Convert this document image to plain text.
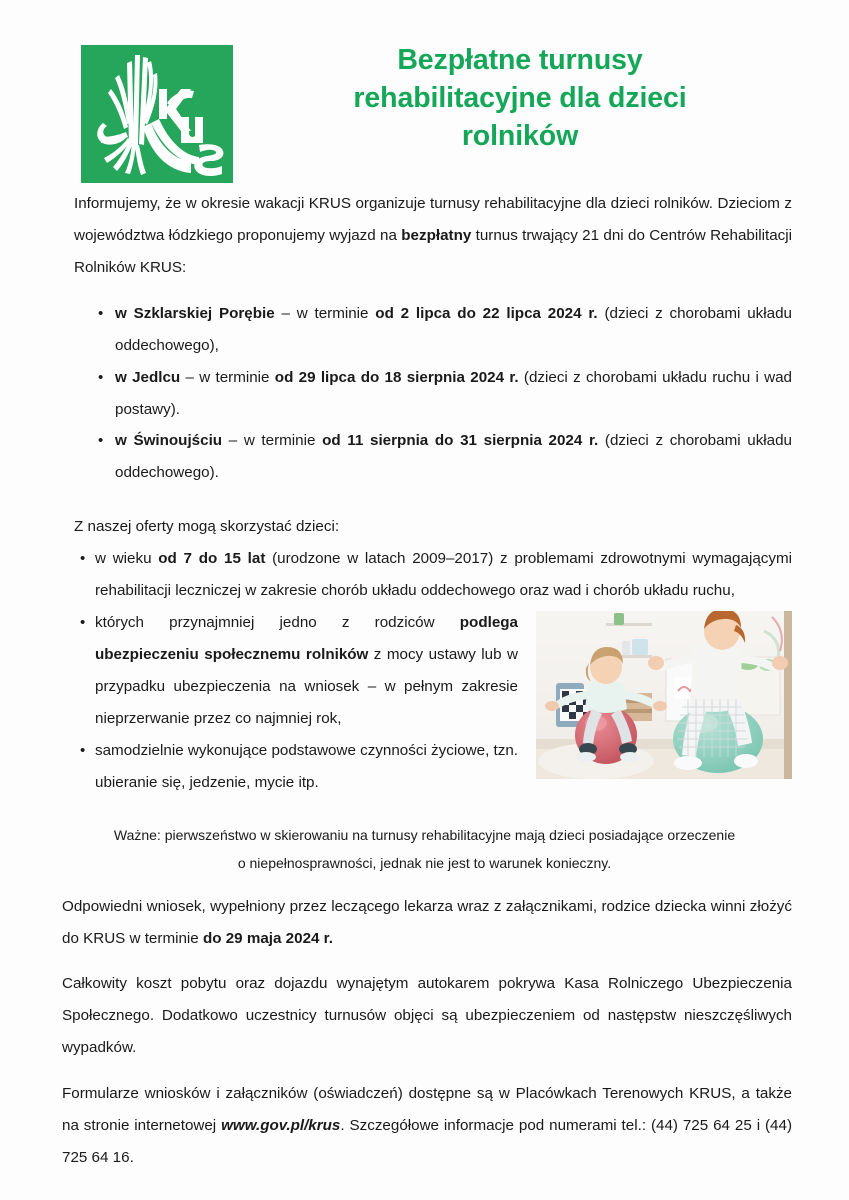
Bezpłatne turnusy
rehabilitacyjne dla dzieci
rolników

Informujemy, że w okresie wakacji KRUS organizuje turnusy rehabilitacyjne dla dzieci rolników. Dzieciom z województwa łódzkiego proponujemy wyjazd na bezpłatny turnus trwający 21 dni do Centrów Rehabilitacji Rolników KRUS:

• w Szklarskiej Porębie – w terminie od 2 lipca do 22 lipca 2024 r. (dzieci z chorobami układu oddechowego),
• w Jedlcu – w terminie od 29 lipca do 18 sierpnia 2024 r. (dzieci z chorobami układu ruchu i wad postawy).
• w Świnoujściu – w terminie od 11 sierpnia do 31 sierpnia 2024 r. (dzieci z chorobami układu oddechowego).

Z naszej oferty mogą skorzystać dzieci:

• w wieku od 7 do 15 lat (urodzone w latach 2009–2017) z problemami zdrowotnymi wymagającymi rehabilitacji leczniczej w zakresie chorób układu oddechowego oraz wad i chorób układu ruchu,
• których przynajmniej jedno z rodziców podlega ubezpieczeniu społecznemu rolników z mocy ustawy lub w przypadku ubezpieczenia na wniosek – w pełnym zakresie nieprzerwanie przez co najmniej rok,
• samodzielnie wykonujące podstawowe czynności życiowe, tzn. ubieranie się, jedzenie, mycie itp.

Ważne: pierwszeństwo w skierowaniu na turnusy rehabilitacyjne mają dzieci posiadające orzeczenie

o niepełnosprawności, jednak nie jest to warunek konieczny.

Odpowiedni wniosek, wypełniony przez leczącego lekarza wraz z załącznikami, rodzice dziecka winni złożyć do KRUS w terminie do 29 maja 2024 r.

Całkowity koszt pobytu oraz dojazdu wynajętym autokarem pokrywa Kasa Rolniczego Ubezpieczenia Społecznego. Dodatkowo uczestnicy turnusów objęci są ubezpieczeniem od następstw nieszczęśliwych wypadków.

Formularze wniosków i załączników (oświadczeń) dostępne są w Placówkach Terenowych KRUS, a także na stronie internetowej www.gov.pl/krus. Szczegółowe informacje pod numerami tel.: (44) 725 64 25 i (44) 725 64 16.
